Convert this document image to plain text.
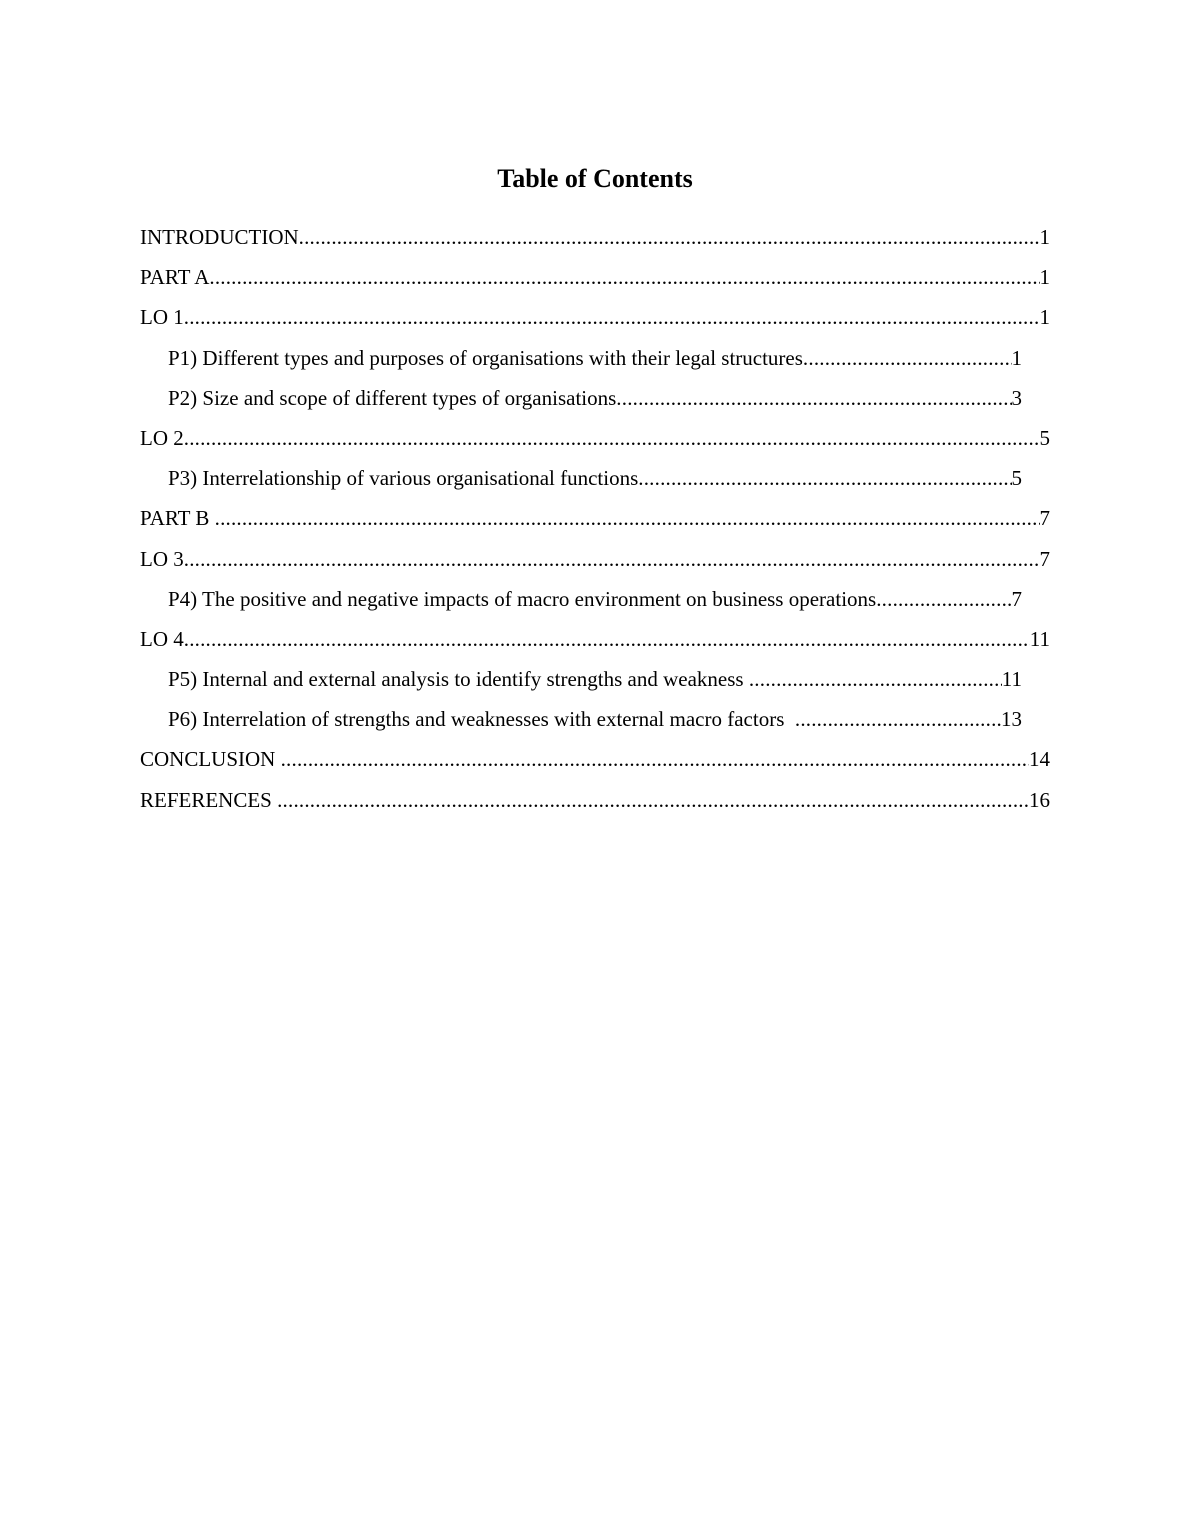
Table of Contents
INTRODUCTION .....	1
PART A .....	1
LO 1 .....	1
P1) Different types and purposes of organisations with their legal structures .....	1
P2) Size and scope of different types of organisations .....	3
LO 2 .....	5
P3) Interrelationship of various organisational functions .....	5
PART B .....	7
LO 3 .....	7
P4) The positive and negative impacts of macro environment on business operations .....	7
LO 4 .....	11
P5) Internal and external analysis to identify strengths and weakness .....	11
P6) Interrelation of strengths and weaknesses with external macro factors .....	13
CONCLUSION .....	14
REFERENCES .....	16
